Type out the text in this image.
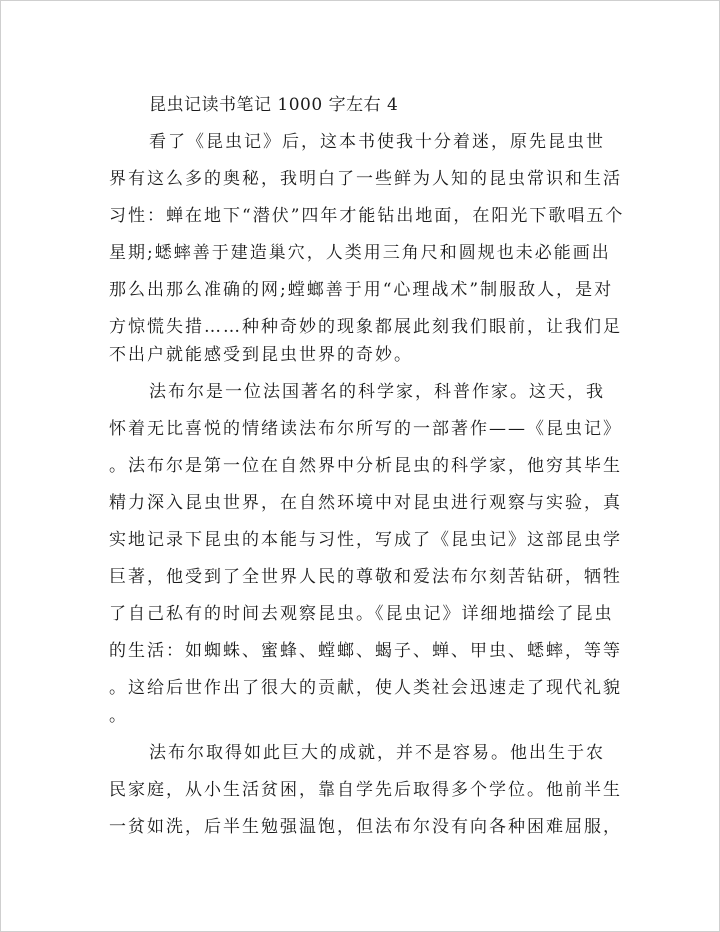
昆虫记读书笔记 1000 字左右 4
看了《昆虫记》后，这本书使我十分着迷，原先昆虫世
界有这么多的奥秘，我明白了一些鲜为人知的昆虫常识和生活
习性：蝉在地下“潜伏”四年才能钻出地面，在阳光下歌唱五个
星期;蟋蟀善于建造巢穴，人类用三角尺和圆规也未必能画出
那么出那么准确的网;螳螂善于用“心理战术”制服敌人，是对
方惊慌失措……种种奇妙的现象都展此刻我们眼前，让我们足
不出户就能感受到昆虫世界的奇妙。
法布尔是一位法国著名的科学家，科普作家。这天，我
怀着无比喜悦的情绪读法布尔所写的一部著作——《昆虫记》
。法布尔是第一位在自然界中分析昆虫的科学家，他穷其毕生
精力深入昆虫世界，在自然环境中对昆虫进行观察与实验，真
实地记录下昆虫的本能与习性，写成了《昆虫记》这部昆虫学
巨著，他受到了全世界人民的尊敬和爱法布尔刻苦钻研，牺牲
了自己私有的时间去观察昆虫。《昆虫记》详细地描绘了昆虫
的生活：如蜘蛛、蜜蜂、螳螂、蝎子、蝉、甲虫、蟋蟀，等等
。这给后世作出了很大的贡献，使人类社会迅速走了现代礼貌
。
法布尔取得如此巨大的成就，并不是容易。他出生于农
民家庭，从小生活贫困，靠自学先后取得多个学位。他前半生
一贫如洗，后半生勉强温饱，但法布尔没有向各种困难屈服，
